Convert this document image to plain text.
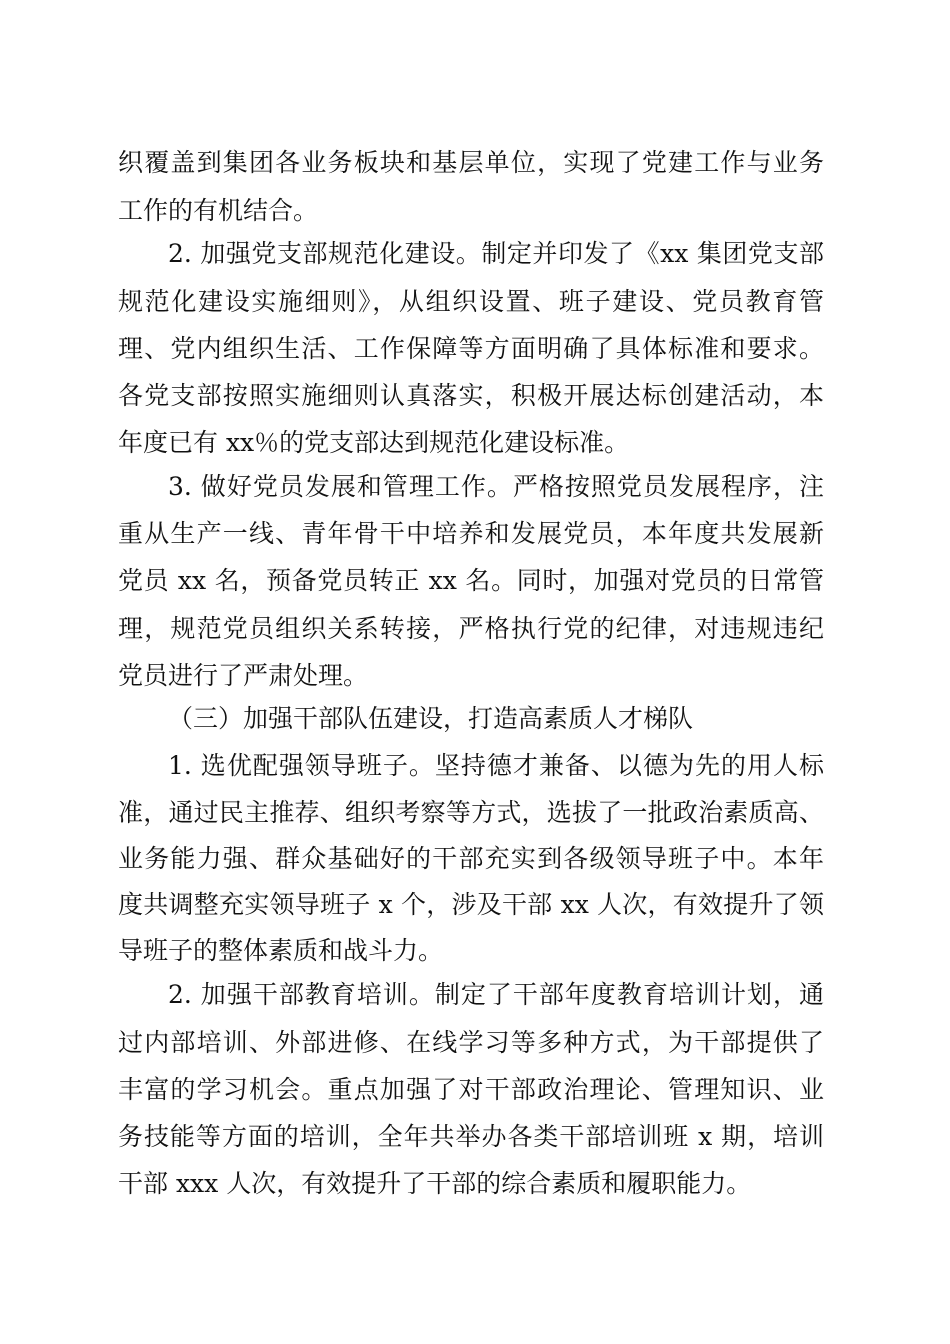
织覆盖到集团各业务板块和基层单位，实现了党建工作与业务
工作的有机结合。
2. 加强党支部规范化建设。制定并印发了《xx 集团党支部
规范化建设实施细则》，从组织设置、班子建设、党员教育管
理、党内组织生活、工作保障等方面明确了具体标准和要求。
各党支部按照实施细则认真落实，积极开展达标创建活动，本
年度已有 xx％的党支部达到规范化建设标准。
3. 做好党员发展和管理工作。严格按照党员发展程序，注
重从生产一线、青年骨干中培养和发展党员，本年度共发展新
党员 xx 名，预备党员转正 xx 名。同时，加强对党员的日常管
理，规范党员组织关系转接，严格执行党的纪律，对违规违纪
党员进行了严肃处理。
（三）加强干部队伍建设，打造高素质人才梯队
1. 选优配强领导班子。坚持德才兼备、以德为先的用人标
准，通过民主推荐、组织考察等方式，选拔了一批政治素质高、
业务能力强、群众基础好的干部充实到各级领导班子中。本年
度共调整充实领导班子 x 个，涉及干部 xx 人次，有效提升了领
导班子的整体素质和战斗力。
2. 加强干部教育培训。制定了干部年度教育培训计划，通
过内部培训、外部进修、在线学习等多种方式，为干部提供了
丰富的学习机会。重点加强了对干部政治理论、管理知识、业
务技能等方面的培训，全年共举办各类干部培训班 x 期，培训
干部 xxx 人次，有效提升了干部的综合素质和履职能力。
